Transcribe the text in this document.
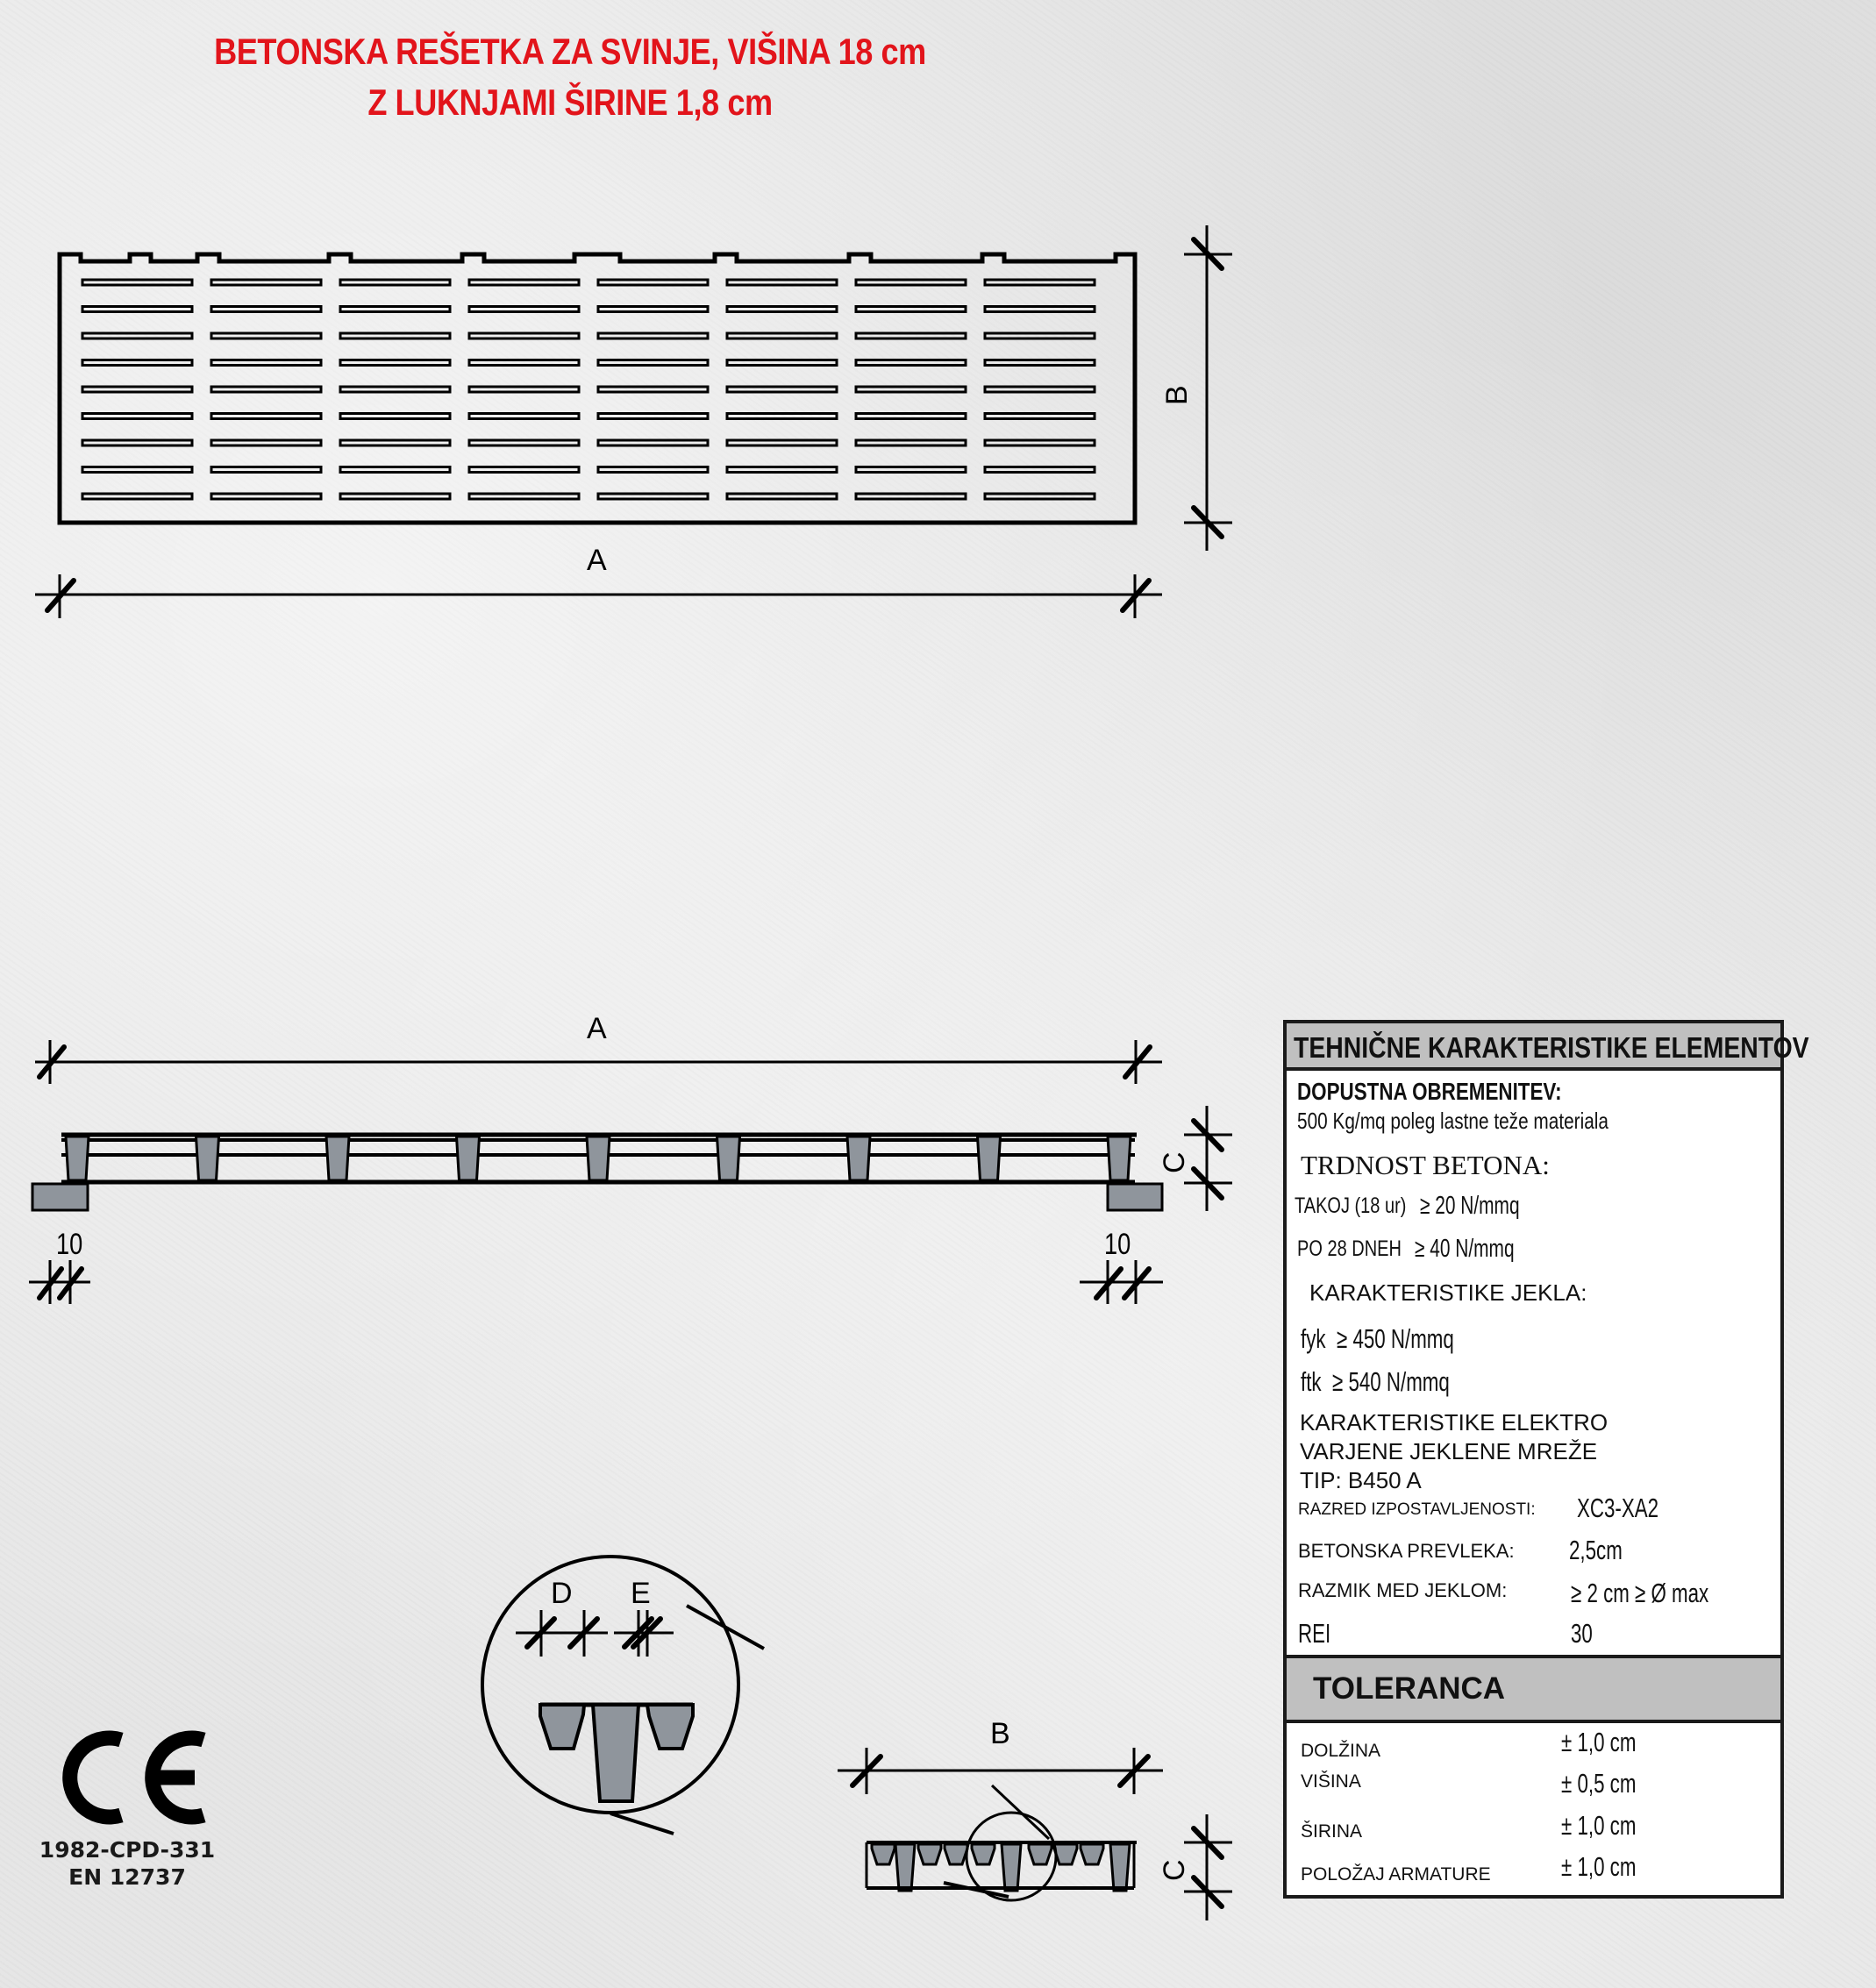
BETONSKA REŠETKA ZA SVINJE, VIŠINA 18 cm
Z LUKNJAMI ŠIRINE 1,8 cm
A
B
A
C
10	10
D E
B
C
1982-CPD-331
EN 12737
TEHNIČNE KARAKTERISTIKE ELEMENTOV
DOPUSTNA OBREMENITEV:
500 Kg/mq poleg lastne teže materiala
TRDNOST BETONA:
TAKOJ (18 ur) ≥ 20 N/mmq
PO 28 DNEH ≥ 40 N/mmq
KARAKTERISTIKE JEKLA:
fyk ≥ 450 N/mmq
ftk ≥ 540 N/mmq
KARAKTERISTIKE ELEKTRO
VARJENE JEKLENE MREŽE
TIP: B450 A
RAZRED IZPOSTAVLJENOSTI: XC3-XA2
BETONSKA PREVLEKA: 2,5cm
RAZMIK MED JEKLOM: ≥ 2 cm ≥ Ø max
REI	30
TOLERANCA
DOLŽINA	± 1,0 cm
VIŠINA	± 0,5 cm
ŠIRINA	± 1,0 cm
POLOŽAJ ARMATURE	± 1,0 cm
